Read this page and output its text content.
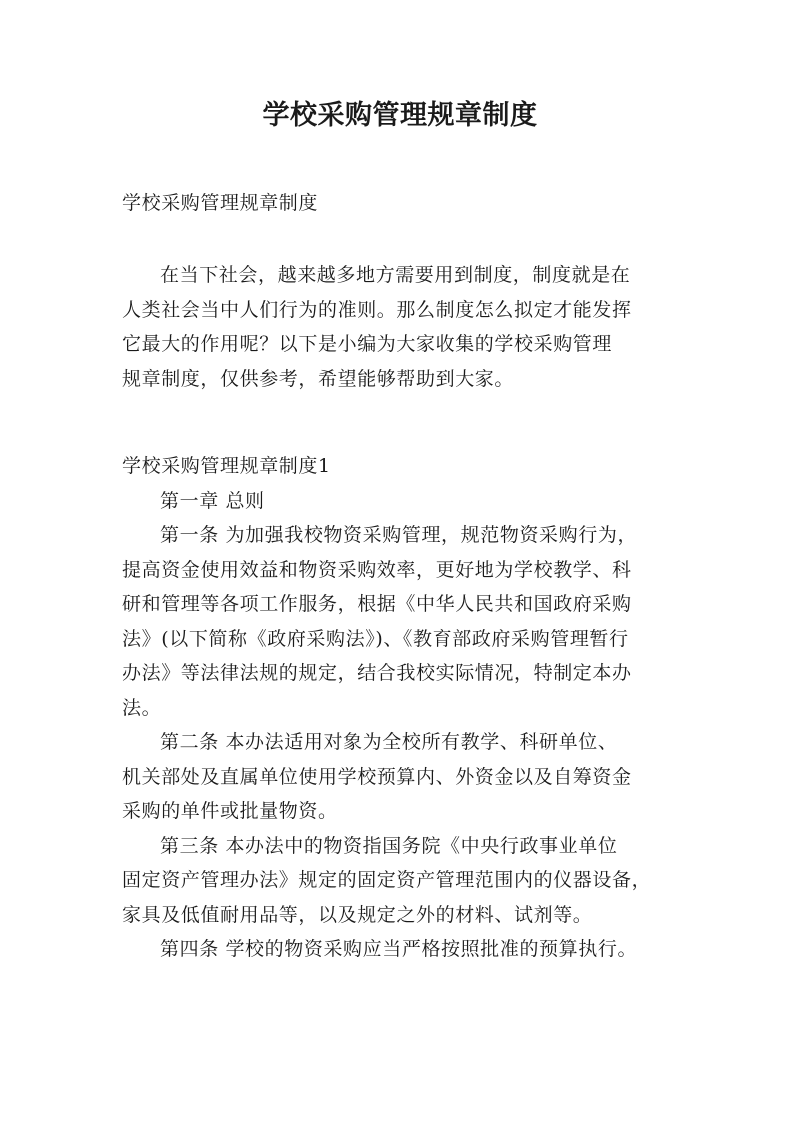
学校采购管理规章制度
学校采购管理规章制度
在当下社会，越来越多地方需要用到制度，制度就是在
人类社会当中人们行为的准则。那么制度怎么拟定才能发挥
它最大的作用呢？以下是小编为大家收集的学校采购管理
规章制度，仅供参考，希望能够帮助到大家。
学校采购管理规章制度1
第一章 总则
第一条 为加强我校物资采购管理，规范物资采购行为，
提高资金使用效益和物资采购效率，更好地为学校教学、科
研和管理等各项工作服务，根据《中华人民共和国政府采购
法》(以下简称《政府采购法》)、《教育部政府采购管理暂行
办法》等法律法规的规定，结合我校实际情况，特制定本办
法。
第二条 本办法适用对象为全校所有教学、科研单位、
机关部处及直属单位使用学校预算内、外资金以及自筹资金
采购的单件或批量物资。
第三条 本办法中的物资指国务院《中央行政事业单位
固定资产管理办法》规定的固定资产管理范围内的仪器设备，
家具及低值耐用品等，以及规定之外的材料、试剂等。
第四条 学校的物资采购应当严格按照批准的预算执行。
